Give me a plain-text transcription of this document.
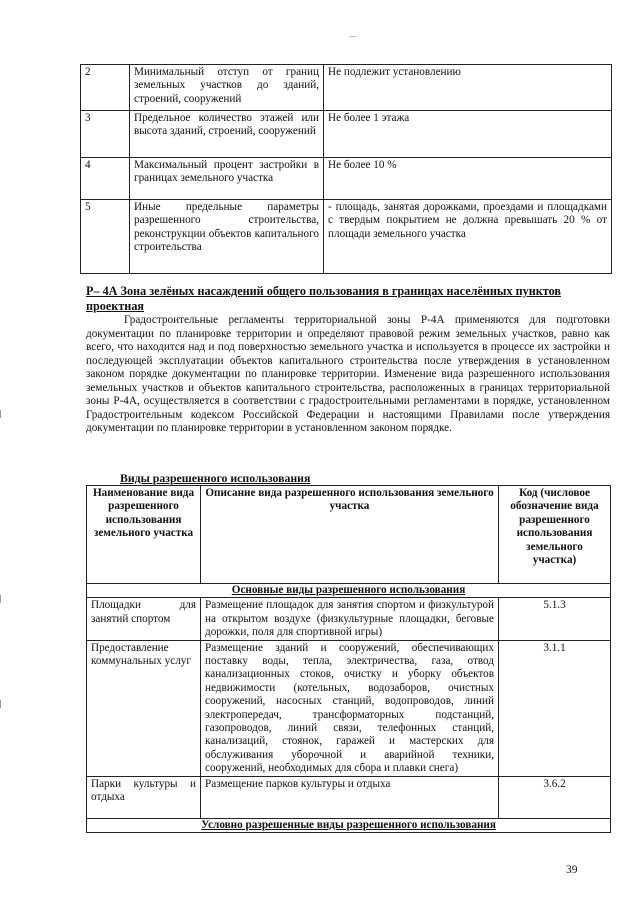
2	Минимальный отступ от границ земельных участков до зданий, строений, сооружений	Не подлежит установлению
3	Предельное количество этажей или высота зданий, строений, сооружений	Не более 1 этажа
4	Максимальный процент застройки в границах земельного участка	Не более 10 %
5	Иные предельные параметры разрешенного строительства, реконструкции объектов капитального строительства	- площадь, занятая дорожками, проездами и площадками с твердым покрытием не должна превышать 20 % от площади земельного участка
Р– 4А Зона зелёных насаждений общего пользования в границах населённых пунктов проектная
Градостроительные регламенты территориальной зоны Р-4А применяются для подготовки документации по планировке территории и определяют правовой режим земельных участков, равно как всего, что находится над и под поверхностью земельного участка и используется в процессе их застройки и последующей эксплуатации объектов капитального строительства после утверждения в установленном законом порядке документации по планировке территории. Изменение вида разрешенного использования земельных участков и объектов капитального строительства, расположенных в границах территориальной зоны Р-4А, осуществляется в соответствии с градостроительными регламентами в порядке, установленном Градостроительным кодексом Российской Федерации и настоящими Правилами после утверждения документации по планировке территории в установленном законом порядке.
Виды разрешенного использования
Наименование вида разрешенного использования земельного участка	Описание вида разрешенного использования земельного участка	Код (числовое обозначение вида разрешенного использования земельного участка)
Основные виды разрешенного использования		
Площадки для занятий спортом	Размещение площадок для занятия спортом и физкультурой на открытом воздухе (физкультурные площадки, беговые дорожки, поля для спортивной игры)	5.1.3
Предоставление коммунальных услуг	Размещение зданий и сооружений, обеспечивающих поставку воды, тепла, электричества, газа, отвод канализационных стоков, очистку и уборку объектов недвижимости (котельных, водозаборов, очистных сооружений, насосных станций, водопроводов, линий электропередач, трансформаторных подстанций, газопроводов, линий связи, телефонных станций, канализаций, стоянок, гаражей и мастерских для обслуживания уборочной и аварийной техники, сооружений, необходимых для сбора и плавки снега)	3.1.1
Парки культуры и отдыха	Размещение парков культуры и отдыха	3.6.2
Условно разрешенные виды разрешенного использования		
39
